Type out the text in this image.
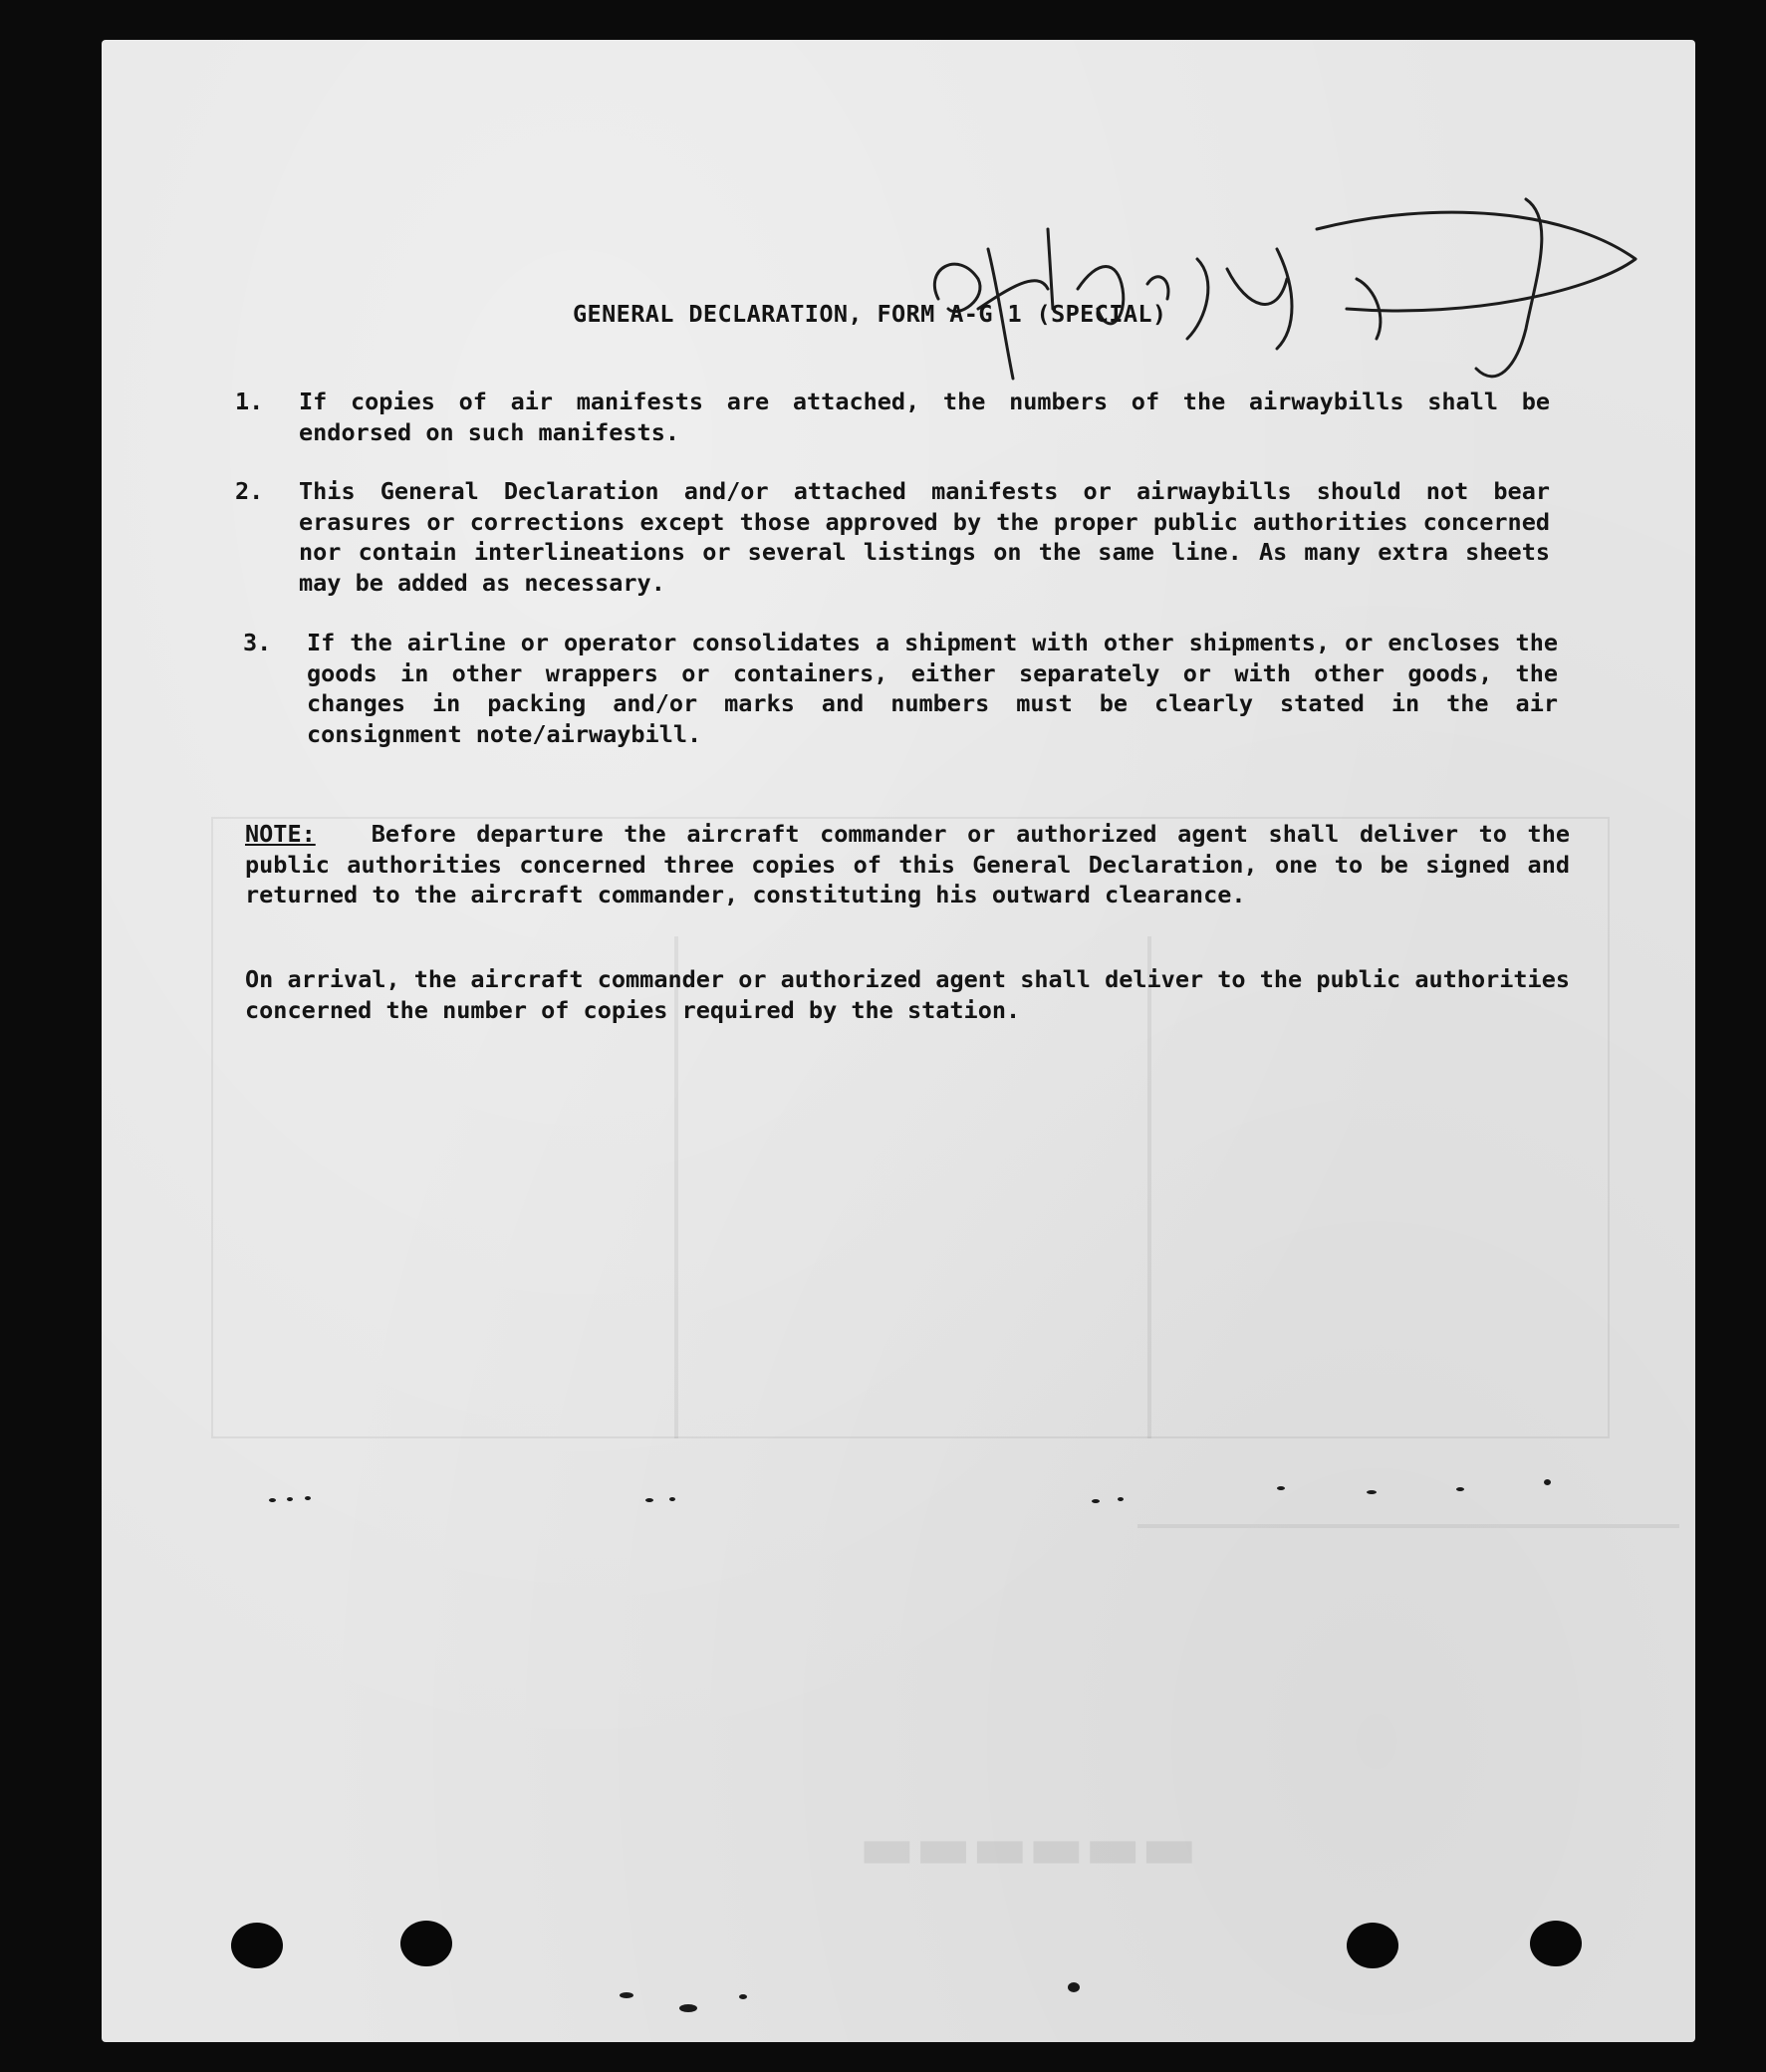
▬▬▬▬▬▬
GENERAL DECLARATION, FORM A-G 1 (SPECIAL)
1. If copies of air manifests are attached, the numbers of the airwaybills shall be endorsed on such manifests.
2. This General Declaration and/or attached manifests or airwaybills should not bear erasures or corrections except those approved by the proper public authorities concerned nor contain interlineations or several listings on the same line. As many extra sheets may be added as necessary.
3. If the airline or operator consolidates a shipment with other shipments, or encloses the goods in other wrappers or containers, either separately or with other goods, the changes in packing and/or marks and numbers must be clearly stated in the air consignment note/airwaybill.
NOTE: Before departure the aircraft commander or authorized agent shall deliver to the public authorities concerned three copies of this General Declaration, one to be signed and returned to the aircraft commander, constituting his outward clearance.
On arrival, the aircraft commander or authorized agent shall deliver to the public authorities concerned the number of copies required by the station.
